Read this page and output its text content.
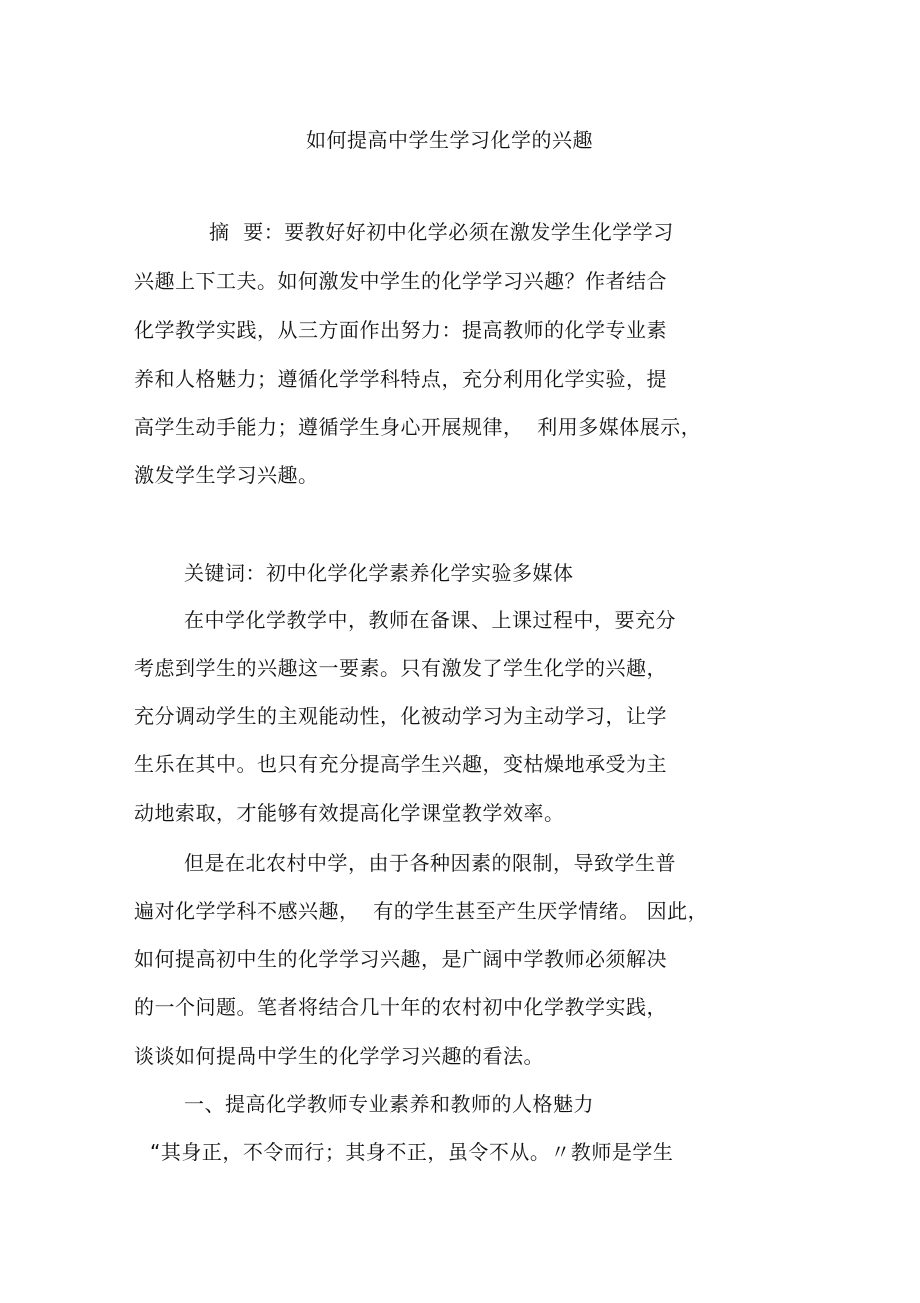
如何提高中学生学习化学的兴趣
摘  要：要教好好初中化学必须在激发学生化学学习
兴趣上下工夫。如何激发中学生的化学学习兴趣？作者结合
化学教学实践，从三方面作出努力：提高教师的化学专业素
养和人格魅力；遵循化学学科特点，充分利用化学实验，提
高学生动手能力；遵循学生身心开展规律，  利用多媒体展示，
激发学生学习兴趣。
关键词：初中化学化学素养化学实验多媒体
在中学化学教学中，教师在备课、上课过程中，要充分
考虑到学生的兴趣这一要素。只有激发了学生化学的兴趣，
充分调动学生的主观能动性，化被动学习为主动学习，让学
生乐在其中。也只有充分提高学生兴趣，变枯燥地承受为主
动地索取，才能够有效提高化学课堂教学效率。
但是在北农村中学，由于各种因素的限制，导致学生普
遍对化学学科不感兴趣，  有的学生甚至产生厌学情绪。 因此，
如何提高初中生的化学学习兴趣，是广阔中学教师必须解决
的一个问题。笔者将结合几十年的农村初中化学教学实践，
谈谈如何提咼中学生的化学学习兴趣的看法。
一、提高化学教师专业素养和教师的人格魅力
“其身正，不令而行；其身不正，虽令不从。〃教师是学生
